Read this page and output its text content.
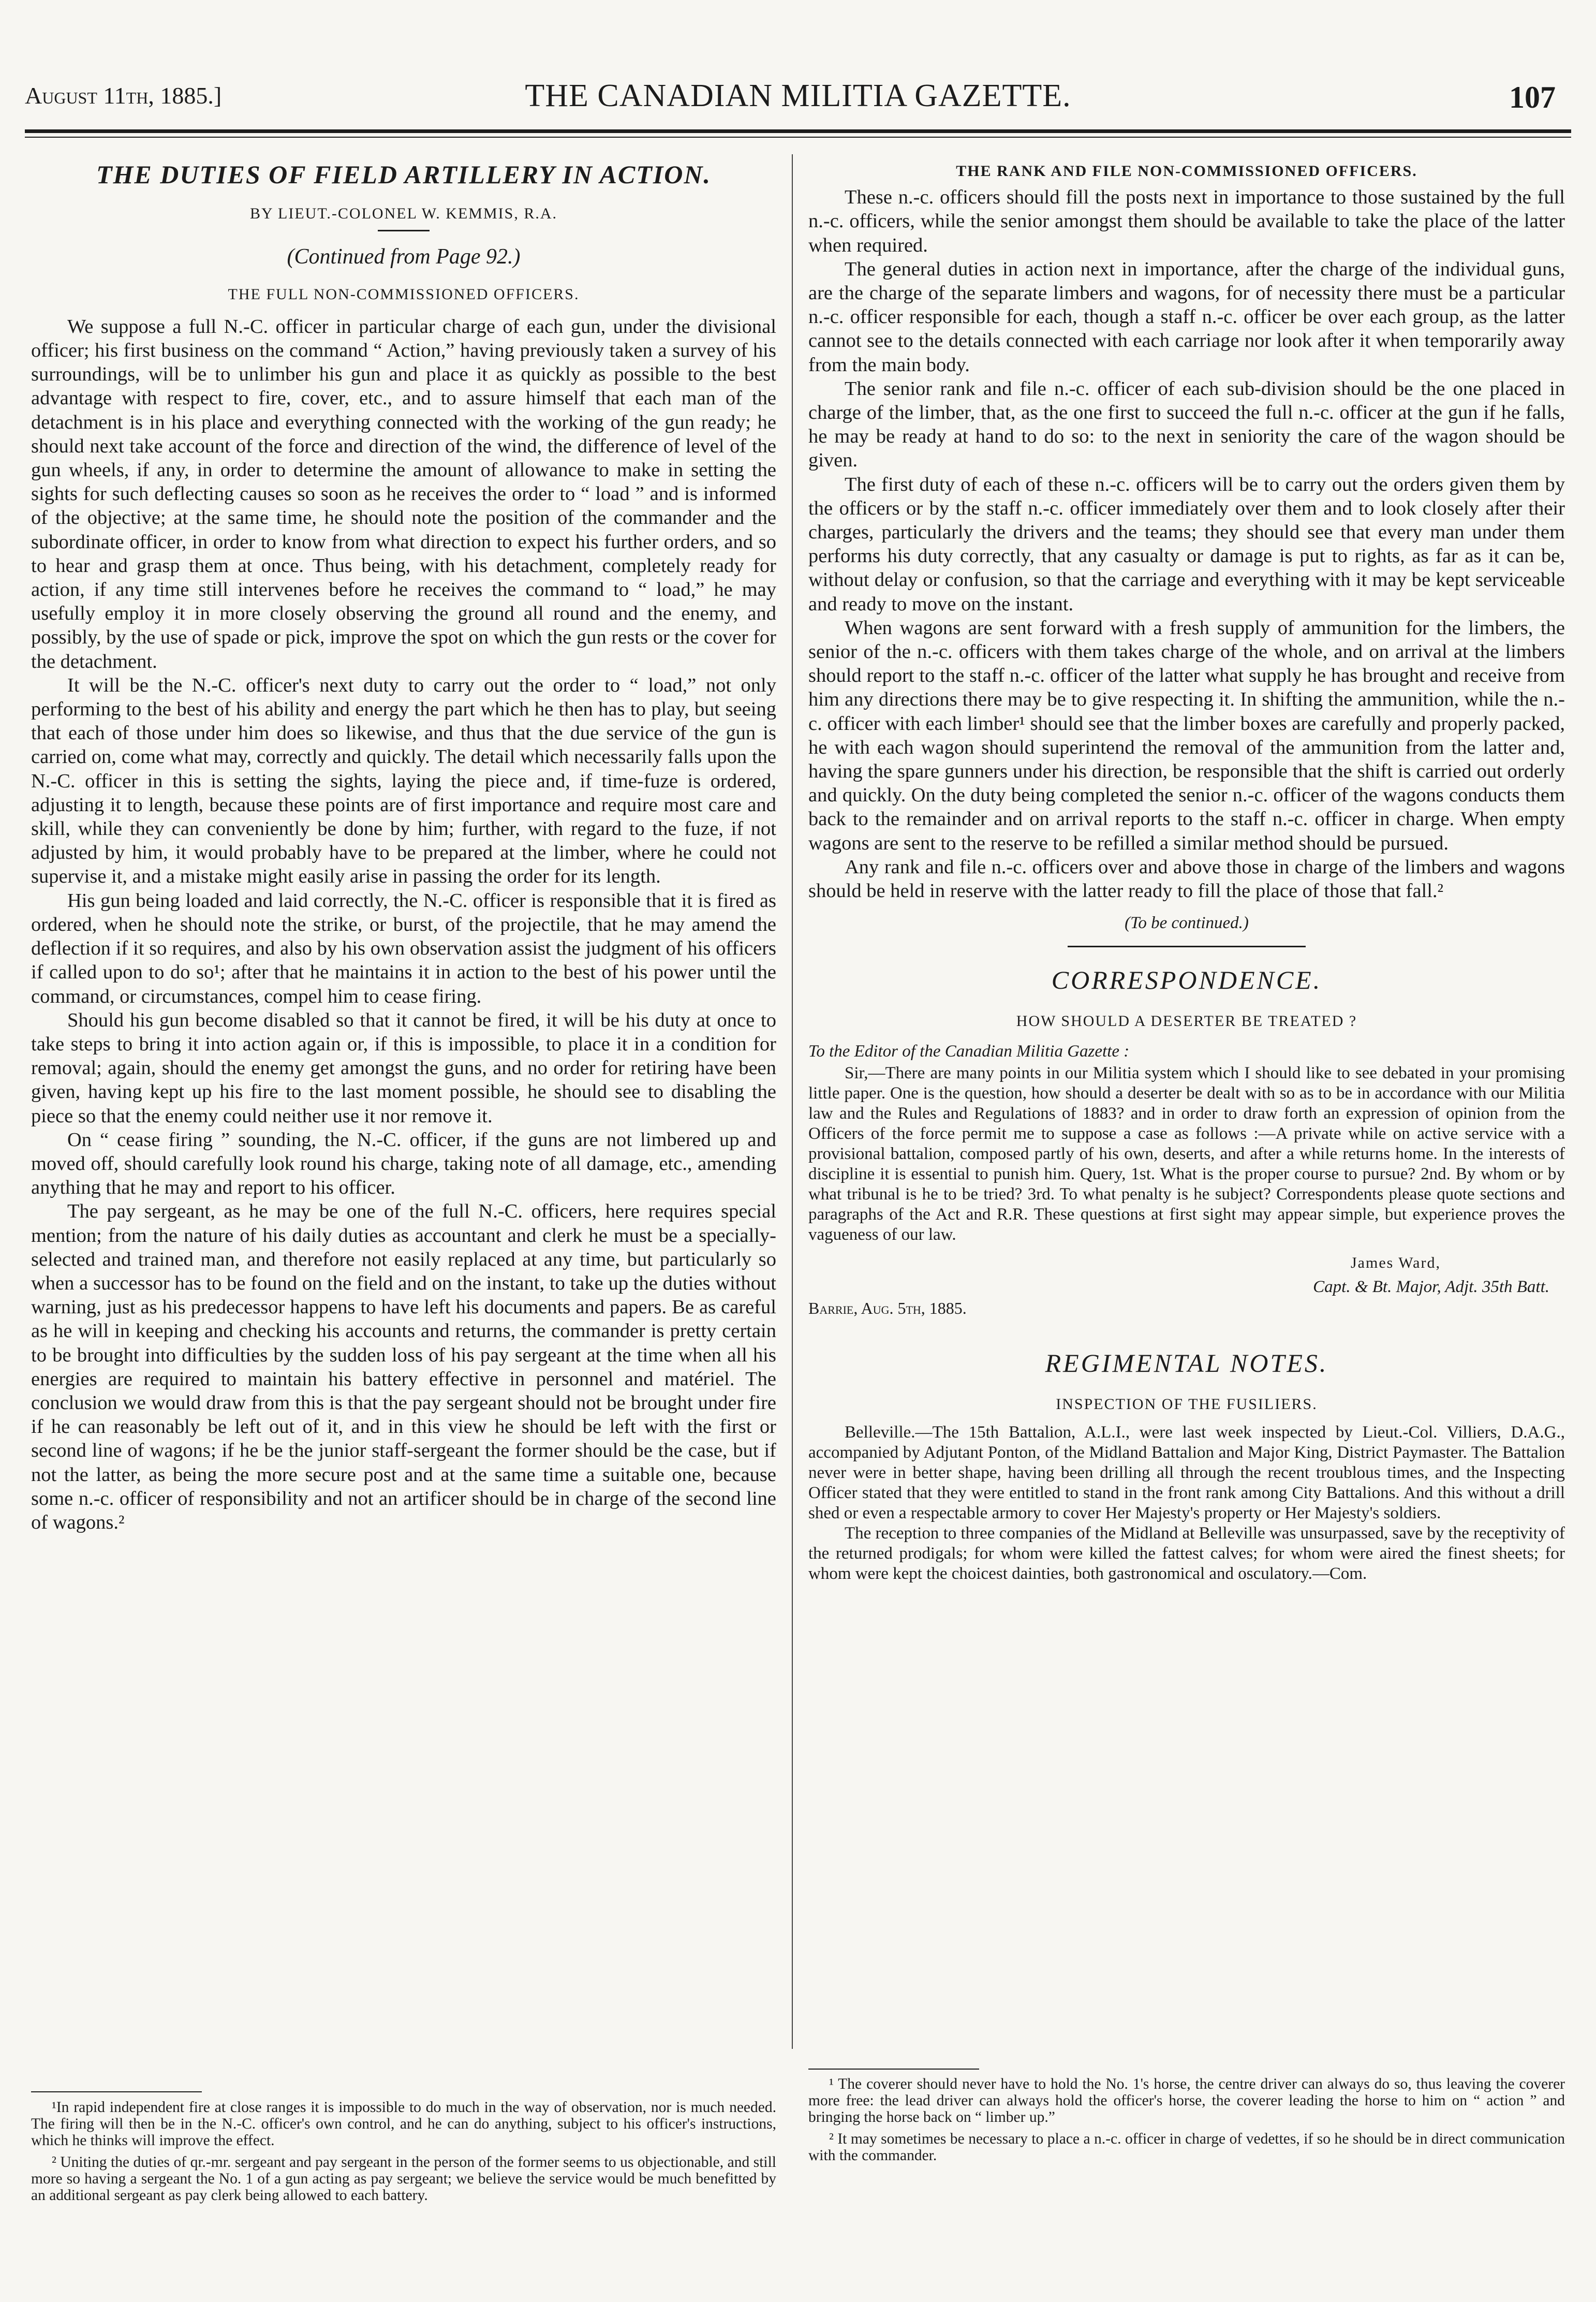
August 11th, 1885.]	THE CANADIAN MILITIA GAZETTE.	107
THE DUTIES OF FIELD ARTILLERY IN ACTION.
BY LIEUT.-COLONEL W. KEMMIS, R.A.
(Continued from Page 92.)
THE FULL NON-COMMISSIONED OFFICERS.

We suppose a full N.-C. officer in particular charge of each gun, under the divisional officer; his first business on the command “ Action,” having previously taken a survey of his surroundings, will be to unlimber his gun and place it as quickly as possible to the best advantage with respect to fire, cover, etc., and to assure himself that each man of the detachment is in his place and everything connected with the working of the gun ready; he should next take account of the force and direction of the wind, the difference of level of the gun wheels, if any, in order to determine the amount of allowance to make in setting the sights for such deflecting causes so soon as he receives the order to “ load ” and is informed of the objective; at the same time, he should note the position of the commander and the subordinate officer, in order to know from what direction to expect his further orders, and so to hear and grasp them at once. Thus being, with his detachment, completely ready for action, if any time still intervenes before he receives the command to “ load,” he may usefully employ it in more closely observing the ground all round and the enemy, and possibly, by the use of spade or pick, improve the spot on which the gun rests or the cover for the detachment.

It will be the N.-C. officer's next duty to carry out the order to “ load,” not only performing to the best of his ability and energy the part which he then has to play, but seeing that each of those under him does so likewise, and thus that the due service of the gun is carried on, come what may, correctly and quickly. The detail which necessarily falls upon the N.-C. officer in this is setting the sights, laying the piece and, if time-fuze is ordered, adjusting it to length, because these points are of first importance and require most care and skill, while they can conveniently be done by him; further, with regard to the fuze, if not adjusted by him, it would probably have to be prepared at the limber, where he could not supervise it, and a mistake might easily arise in passing the order for its length.

His gun being loaded and laid correctly, the N.-C. officer is responsible that it is fired as ordered, when he should note the strike, or burst, of the projectile, that he may amend the deflection if it so requires, and also by his own observation assist the judgment of his officers if called upon to do so¹; after that he maintains it in action to the best of his power until the command, or circumstances, compel him to cease firing.

Should his gun become disabled so that it cannot be fired, it will be his duty at once to take steps to bring it into action again or, if this is impossible, to place it in a condition for removal; again, should the enemy get amongst the guns, and no order for retiring have been given, having kept up his fire to the last moment possible, he should see to disabling the piece so that the enemy could neither use it nor remove it.

On “ cease firing ” sounding, the N.-C. officer, if the guns are not limbered up and moved off, should carefully look round his charge, taking note of all damage, etc., amending anything that he may and report to his officer.

The pay sergeant, as he may be one of the full N.-C. officers, here requires special mention; from the nature of his daily duties as accountant and clerk he must be a specially-selected and trained man, and therefore not easily replaced at any time, but particularly so when a successor has to be found on the field and on the instant, to take up the duties without warning, just as his predecessor happens to have left his documents and papers. Be as careful as he will in keeping and checking his accounts and returns, the commander is pretty certain to be brought into difficulties by the sudden loss of his pay sergeant at the time when all his energies are required to maintain his battery effective in personnel and matériel. The conclusion we would draw from this is that the pay sergeant should not be brought under fire if he can reasonably be left out of it, and in this view he should be left with the first or second line of wagons; if he be the junior staff-sergeant the former should be the case, but if not the latter, as being the more secure post and at the same time a suitable one, because some n.-c. officer of responsibility and not an artificer should be in charge of the second line of wagons.²

THE RANK AND FILE NON-COMMISSIONED OFFICERS.

These n.-c. officers should fill the posts next in importance to those sustained by the full n.-c. officers, while the senior amongst them should be available to take the place of the latter when required.

The general duties in action next in importance, after the charge of the individual guns, are the charge of the separate limbers and wagons, for of necessity there must be a particular n.-c. officer responsible for each, though a staff n.-c. officer be over each group, as the latter cannot see to the details connected with each carriage nor look after it when temporarily away from the main body.

The senior rank and file n.-c. officer of each sub-division should be the one placed in charge of the limber, that, as the one first to succeed the full n.-c. officer at the gun if he falls, he may be ready at hand to do so: to the next in seniority the care of the wagon should be given.

The first duty of each of these n.-c. officers will be to carry out the orders given them by the officers or by the staff n.-c. officer immediately over them and to look closely after their charges, particularly the drivers and the teams; they should see that every man under them performs his duty correctly, that any casualty or damage is put to rights, as far as it can be, without delay or confusion, so that the carriage and everything with it may be kept serviceable and ready to move on the instant.

When wagons are sent forward with a fresh supply of ammunition for the limbers, the senior of the n.-c. officers with them takes charge of the whole, and on arrival at the limbers should report to the staff n.-c. officer of the latter what supply he has brought and receive from him any directions there may be to give respecting it. In shifting the ammunition, while the n.-c. officer with each limber¹ should see that the limber boxes are carefully and properly packed, he with each wagon should superintend the removal of the ammunition from the latter and, having the spare gunners under his direction, be responsible that the shift is carried out orderly and quickly. On the duty being completed the senior n.-c. officer of the wagons conducts them back to the remainder and on arrival reports to the staff n.-c. officer in charge. When empty wagons are sent to the reserve to be refilled a similar method should be pursued.

Any rank and file n.-c. officers over and above those in charge of the limbers and wagons should be held in reserve with the latter ready to fill the place of those that fall.²

(To be continued.)
CORRESPONDENCE.
HOW SHOULD A DESERTER BE TREATED ?

To the Editor of the Canadian Militia Gazette :

Sir,—There are many points in our Militia system which I should like to see debated in your promising little paper. One is the question, how should a deserter be dealt with so as to be in accordance with our Militia law and the Rules and Regulations of 1883? and in order to draw forth an expression of opinion from the Officers of the force permit me to suppose a case as follows :—A private while on active service with a provisional battalion, composed partly of his own, deserts, and after a while returns home. In the interests of discipline it is essential to punish him. Query, 1st. What is the proper course to pursue? 2nd. By whom or by what tribunal is he to be tried? 3rd. To what penalty is he subject? Correspondents please quote sections and paragraphs of the Act and R.R. These questions at first sight may appear simple, but experience proves the vagueness of our law.

James Ward,
Capt. & Bt. Major, Adjt. 35th Batt.
Barrie, Aug. 5th, 1885.
REGIMENTAL NOTES.
INSPECTION OF THE FUSILIERS.

Belleville.—The 15th Battalion, A.L.I., were last week inspected by Lieut.-Col. Villiers, D.A.G., accompanied by Adjutant Ponton, of the Midland Battalion and Major King, District Paymaster. The Battalion never were in better shape, having been drilling all through the recent troublous times, and the Inspecting Officer stated that they were entitled to stand in the front rank among City Battalions. And this without a drill shed or even a respectable armory to cover Her Majesty's property or Her Majesty's soldiers.

The reception to three companies of the Midland at Belleville was unsurpassed, save by the receptivity of the returned prodigals; for whom were killed the fattest calves; for whom were aired the finest sheets; for whom were kept the choicest dainties, both gastronomical and osculatory.—Com.

¹In rapid independent fire at close ranges it is impossible to do much in the way of observation, nor is much needed. The firing will then be in the N.-C. officer's own control, and he can do anything, subject to his officer's instructions, which he thinks will improve the effect.

² Uniting the duties of qr.-mr. sergeant and pay sergeant in the person of the former seems to us objectionable, and still more so having a sergeant the No. 1 of a gun acting as pay sergeant; we believe the service would be much benefitted by an additional sergeant as pay clerk being allowed to each battery.

¹ The coverer should never have to hold the No. 1's horse, the centre driver can always do so, thus leaving the coverer more free: the lead driver can always hold the officer's horse, the coverer leading the horse to him on “ action ” and bringing the horse back on “ limber up.”

² It may sometimes be necessary to place a n.-c. officer in charge of vedettes, if so he should be in direct communication with the commander.
